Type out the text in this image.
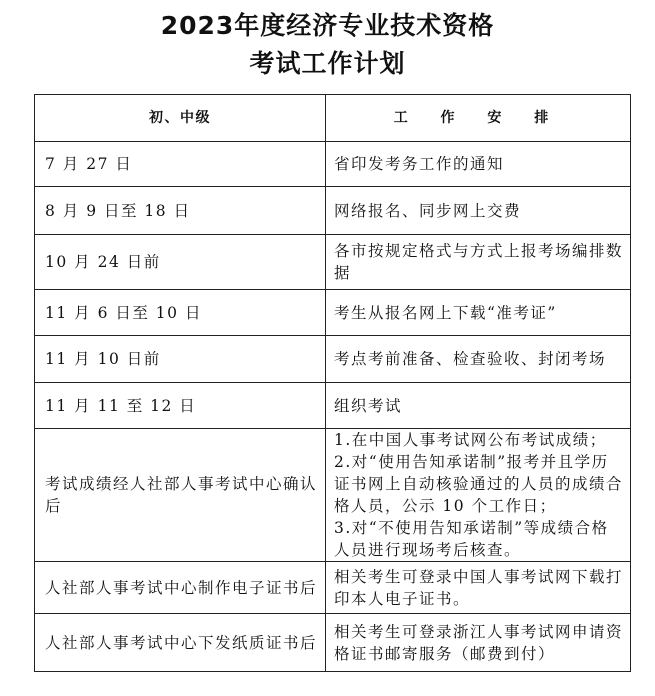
2023年度经济专业技术资格
考试工作计划
初、中级	工 作 安 排
7 月 27 日	省印发考务工作的通知
8 月 9 日至 18 日	网络报名、同步网上交费
10 月 24 日前	各市按规定格式与方式上报考场编排数据
11 月 6 日至 10 日	考生从报名网上下载“准考证”
11 月 10 日前	考点考前准备、检查验收、封闭考场
11 月 11 至 12 日	组织考试
考试成绩经人社部人事考试中心确认后	1.在中国人事考试网公布考试成绩；
2.对“使用告知承诺制”报考并且学历证书网上自动核验通过的人员的成绩合格人员，公示 10 个工作日；
3.对“不使用告知承诺制”等成绩合格人员进行现场考后核查。
人社部人事考试中心制作电子证书后	相关考生可登录中国人事考试网下载打印本人电子证书。
人社部人事考试中心下发纸质证书后	相关考生可登录浙江人事考试网申请资格证书邮寄服务（邮费到付）
